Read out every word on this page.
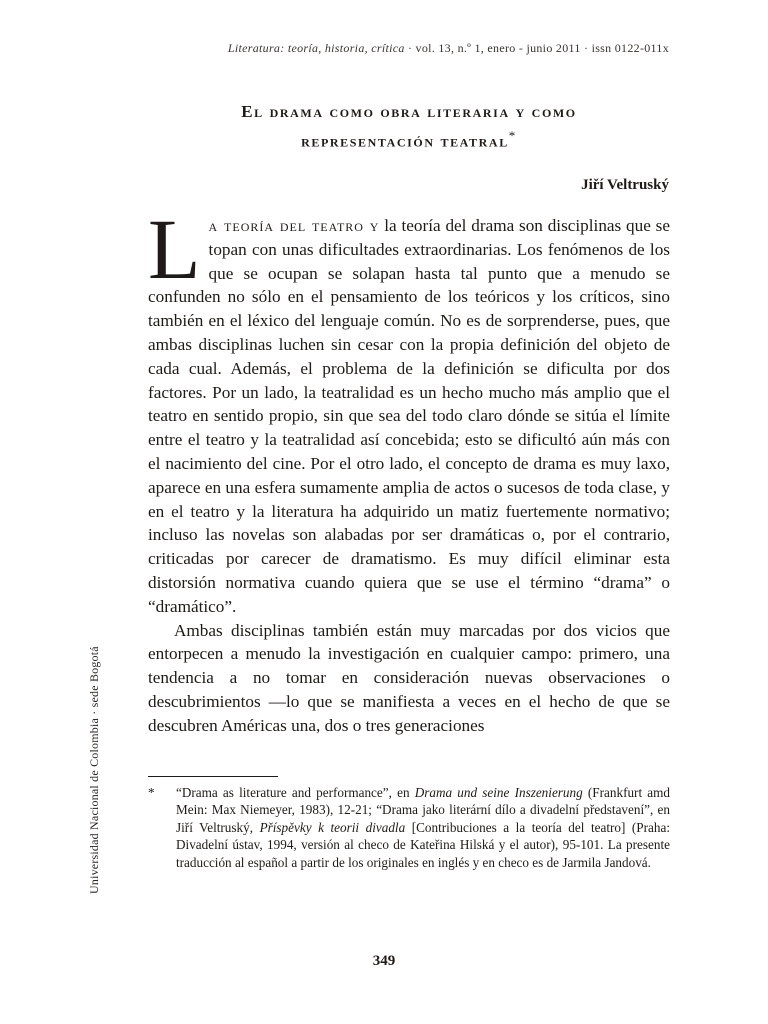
Literatura: teoría, historia, crítica · vol. 13, n.º 1, enero - junio 2011 · issn 0122-011x
El drama como obra literaria y como
representación teatral*
Jiří Veltruský

La teoría del teatro y la teoría del drama son disciplinas que se topan con unas dificultades extraordinarias. Los fenómenos de los que se ocupan se solapan hasta tal punto que a menudo se confunden no sólo en el pensamiento de los teóricos y los críticos, sino también en el léxico del lenguaje común. No es de sorprenderse, pues, que ambas disciplinas luchen sin cesar con la propia definición del objeto de cada cual. Además, el problema de la definición se dificulta por dos factores. Por un lado, la teatralidad es un hecho mucho más amplio que el teatro en sentido propio, sin que sea del todo claro dónde se sitúa el límite entre el teatro y la teatralidad así concebida; esto se dificultó aún más con el nacimiento del cine. Por el otro lado, el concepto de drama es muy laxo, aparece en una esfera sumamente amplia de actos o sucesos de toda clase, y en el teatro y la literatura ha adquirido un matiz fuertemente normativo; incluso las novelas son alabadas por ser dramáticas o, por el contrario, criticadas por carecer de dramatismo. Es muy difícil eliminar esta distorsión normativa cuando quiera que se use el término “drama” o “dramático”.

Ambas disciplinas también están muy marcadas por dos vicios que entorpecen a menudo la investigación en cualquier campo: primero, una tendencia a no tomar en consideración nuevas observaciones o descubrimientos —lo que se manifiesta a veces en el hecho de que se descubren Américas una, dos o tres generaciones

* “Drama as literature and performance”, en Drama und seine Inszenierung (Frankfurt amd Mein: Max Niemeyer, 1983), 12-21; “Drama jako literární dílo a divadelní představení”, en Jiří Veltruský, Příspěvky k teorii divadla [Contribuciones a la teoría del teatro] (Praha: Divadelní ústav, 1994, versión al checo de Kateřina Hilská y el autor), 95-101. La presente traducción al español a partir de los originales en inglés y en checo es de Jarmila Jandová.
Universidad Nacional de Colombia · sede Bogotá
349
